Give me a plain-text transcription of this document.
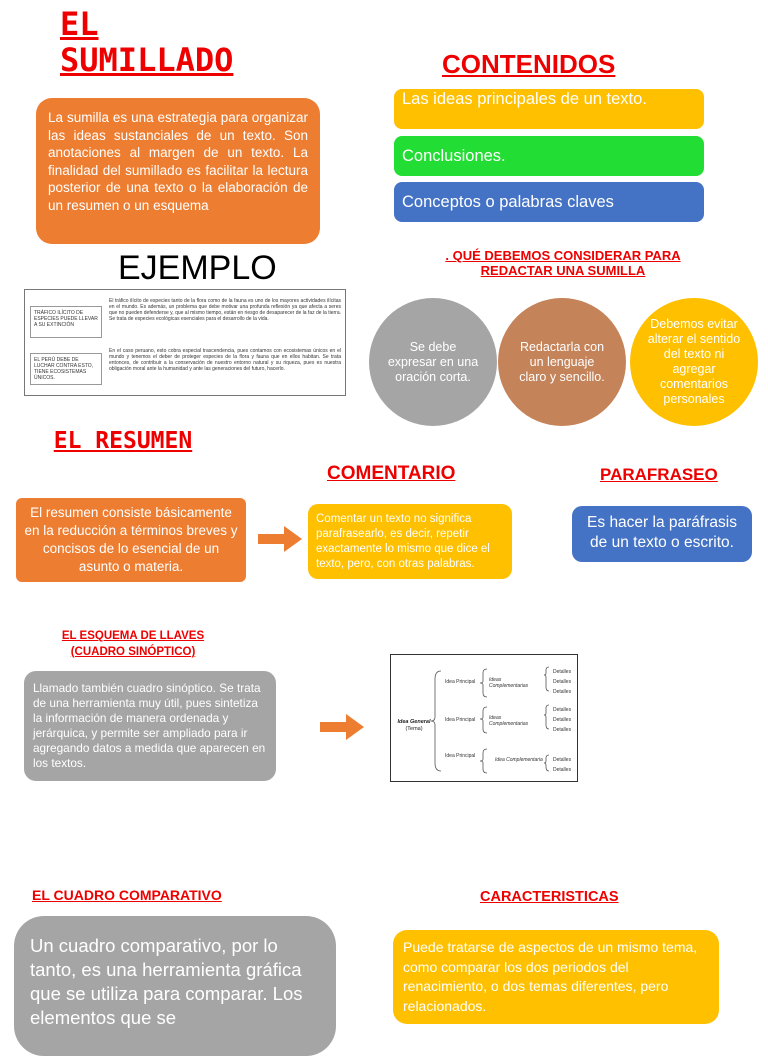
EL SUMILLADO
La sumilla es una estrategia para organizar las ideas sustanciales de un texto. Son anotaciones al margen de un texto. La finalidad del sumillado es facilitar la lectura posterior de una texto o la elaboración de un resumen o un esquema
EJEMPLO
TRÁFICO ILÍCITO DE ESPECIES PUEDE LLEVAR A SU EXTINCIÓN
EL PERÚ DEBE DE LUCHAR CONTRA ESTO, TIENE ECOSISTEMAS ÚNICOS.
El tráfico ilícito de especies tanto de la flora como de la fauna es uno de los mayores actividades ilícitas en el mundo. Es además, un problema que debe motivar una profunda reflexión ya que afecta a seres que no pueden defenderse y, que al mismo tiempo, están en riesgo de desaparecer de la faz de la tierra. Se trata de especies ecológicas esenciales para el desarrollo de la vida.
En el caso peruano, esto cobra especial trascendencia, pues contamos con ecosistemas únicos en el mundo y tenemos el deber de proteger especies de la flora y fauna que en ellos habitan. Se trata entonces, de contribuir a la conservación de nuestro entorno natural y su riqueza, pues es nuestra obligación moral ante la humanidad y ante las generaciones del futuro, hacerlo.
CONTENIDOS
Las ideas principales de un texto.
Conclusiones.
Conceptos o palabras claves
. QUÉ DEBEMOS CONSIDERAR PARA REDACTAR UNA SUMILLA
Se debe expresar en una oración corta.
Redactarla con un lenguaje claro y sencillo.
Debemos evitar alterar el sentido del texto ni agregar comentarios personales
EL RESUMEN
El resumen consiste básicamente en la reducción a términos breves y concisos de lo esencial de un asunto o materia.
COMENTARIO
Comentar un texto no significa parafrasearlo, es decir, repetir exactamente lo mismo que dice el texto, pero, con otras palabras.
PARAFRASEO
Es hacer la paráfrasis de un texto o escrito.
EL ESQUEMA DE LLAVES
(CUADRO SINÓPTICO)
Llamado también cuadro sinóptico. Se trata de una herramienta muy útil, pues sintetiza la información de manera ordenada y jerárquica, y permite ser ampliado para ir agregando datos a medida que aparecen en los textos.
Idea General
(Tema)
Idea Principal
Idea Principal
Idea Principal
Ideas Complementarias
Ideas Complementarias
Idea Complementaria
Detalles
Detalles
Detalles
Detalles
Detalles
Detalles
Detalles
Detalles
EL CUADRO COMPARATIVO
Un cuadro comparativo, por lo tanto, es una herramienta gráfica que se utiliza para comparar. Los elementos que se
CARACTERISTICAS
Puede tratarse de aspectos de un mismo tema, como comparar los dos periodos del renacimiento, o dos temas diferentes, pero relacionados.
